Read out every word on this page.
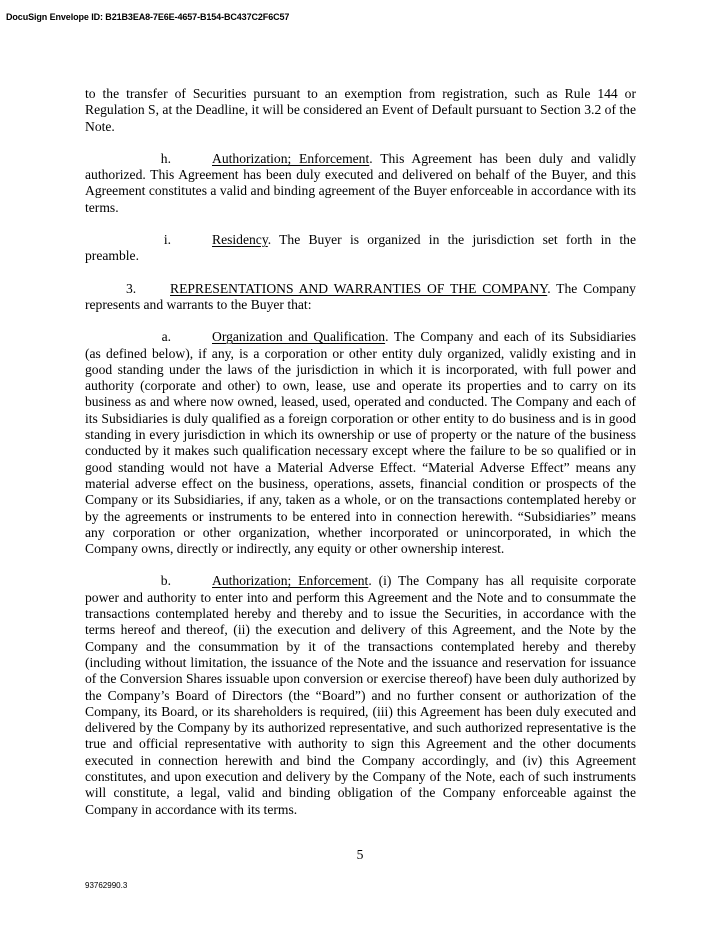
DocuSign Envelope ID: B21B3EA8-7E6E-4657-B154-BC437C2F6C57

to the transfer of Securities pursuant to an exemption from registration, such as Rule 144 or Regulation S, at the Deadline, it will be considered an Event of Default pursuant to Section 3.2 of the Note.

h.	Authorization; Enforcement. This Agreement has been duly and validly authorized. This Agreement has been duly executed and delivered on behalf of the Buyer, and this Agreement constitutes a valid and binding agreement of the Buyer enforceable in accordance with its terms.

i.	Residency. The Buyer is organized in the jurisdiction set forth in the preamble.

3. REPRESENTATIONS AND WARRANTIES OF THE COMPANY. The Company represents and warrants to the Buyer that:

a.	Organization and Qualification. The Company and each of its Subsidiaries (as defined below), if any, is a corporation or other entity duly organized, validly existing and in good standing under the laws of the jurisdiction in which it is incorporated, with full power and authority (corporate and other) to own, lease, use and operate its properties and to carry on its business as and where now owned, leased, used, operated and conducted. The Company and each of its Subsidiaries is duly qualified as a foreign corporation or other entity to do business and is in good standing in every jurisdiction in which its ownership or use of property or the nature of the business conducted by it makes such qualification necessary except where the failure to be so qualified or in good standing would not have a Material Adverse Effect. “Material Adverse Effect” means any material adverse effect on the business, operations, assets, financial condition or prospects of the Company or its Subsidiaries, if any, taken as a whole, or on the transactions contemplated hereby or by the agreements or instruments to be entered into in connection herewith. “Subsidiaries” means any corporation or other organization, whether incorporated or unincorporated, in which the Company owns, directly or indirectly, any equity or other ownership interest.

b.	Authorization; Enforcement. (i) The Company has all requisite corporate power and authority to enter into and perform this Agreement and the Note and to consummate the transactions contemplated hereby and thereby and to issue the Securities, in accordance with the terms hereof and thereof, (ii) the execution and delivery of this Agreement, and the Note by the Company and the consummation by it of the transactions contemplated hereby and thereby (including without limitation, the issuance of the Note and the issuance and reservation for issuance of the Conversion Shares issuable upon conversion or exercise thereof) have been duly authorized by the Company’s Board of Directors (the “Board”) and no further consent or authorization of the Company, its Board, or its shareholders is required, (iii) this Agreement has been duly executed and delivered by the Company by its authorized representative, and such authorized representative is the true and official representative with authority to sign this Agreement and the other documents executed in connection herewith and bind the Company accordingly, and (iv) this Agreement constitutes, and upon execution and delivery by the Company of the Note, each of such instruments will constitute, a legal, valid and binding obligation of the Company enforceable against the Company in accordance with its terms.

5
93762990.3
